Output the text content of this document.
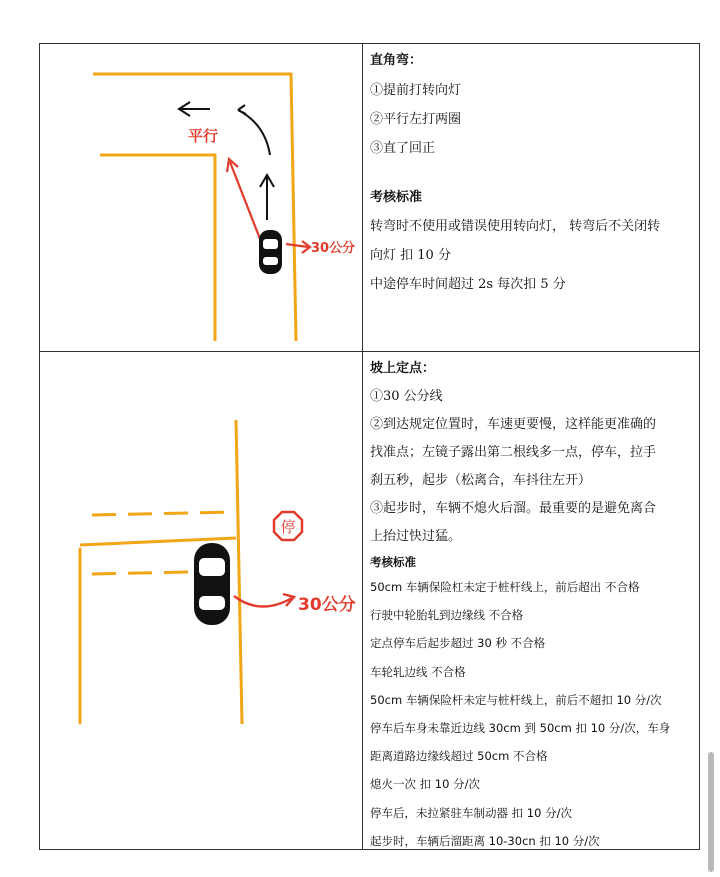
平行
30公分
直角弯：
①提前打转向灯
②平行左打两圈
③直了回正
考核标准
转弯时不使用或错误使用转向灯， 转弯后不关闭转
向灯 扣 10 分
中途停车时间超过 2s 每次扣 5 分
30公分
停
坡上定点：
①30 公分线
②到达规定位置时，车速更要慢，这样能更准确的
找准点；左镜子露出第二根线多一点，停车，拉手
刹五秒，起步（松离合，车抖往左开）
③起步时，车辆不熄火后溜。最重要的是避免离合
上抬过快过猛。
考核标准
50cm 车辆保险杠未定于桩杆线上，前后超出 不合格
行驶中轮胎轧到边缘线 不合格
定点停车后起步超过 30 秒 不合格
车轮轧边线 不合格
50cm 车辆保险杆未定与桩杆线上，前后不超扣 10 分/次
停车后车身未靠近边线 30cm 到 50cm 扣 10 分/次，车身
距离道路边缘线超过 50cm 不合格
熄火一次 扣 10 分/次
停车后，未拉紧驻车制动器 扣 10 分/次
起步时，车辆后溜距离 10-30cn 扣 10 分/次
